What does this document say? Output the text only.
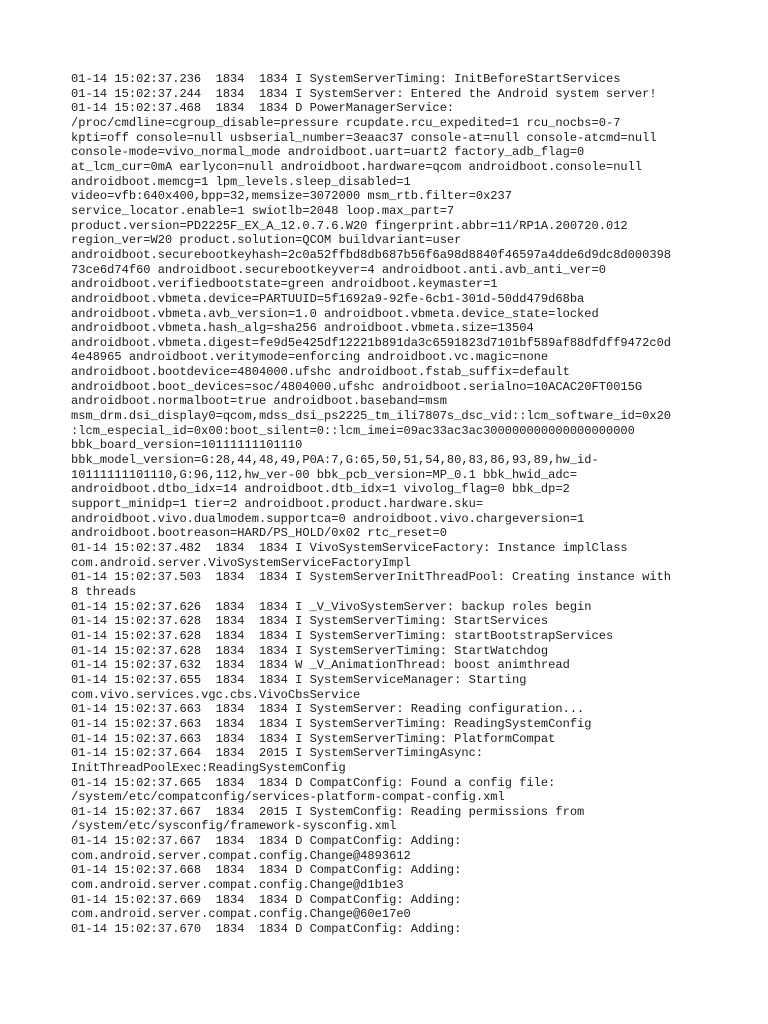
01-14 15:02:37.236  1834  1834 I SystemServerTiming: InitBeforeStartServices
01-14 15:02:37.244  1834  1834 I SystemServer: Entered the Android system server!
01-14 15:02:37.468  1834  1834 D PowerManagerService:
/proc/cmdline=cgroup_disable=pressure rcupdate.rcu_expedited=1 rcu_nocbs=0-7
kpti=off console=null usbserial_number=3eaac37 console-at=null console-atcmd=null
console-mode=vivo_normal_mode androidboot.uart=uart2 factory_adb_flag=0
at_lcm_cur=0mA earlycon=null androidboot.hardware=qcom androidboot.console=null
androidboot.memcg=1 lpm_levels.sleep_disabled=1
video=vfb:640x400,bpp=32,memsize=3072000 msm_rtb.filter=0x237
service_locator.enable=1 swiotlb=2048 loop.max_part=7
product.version=PD2225F_EX_A_12.0.7.6.W20 fingerprint.abbr=11/RP1A.200720.012
region_ver=W20 product.solution=QCOM buildvariant=user
androidboot.securebootkeyhash=2c0a52ffbd8db687b56f6a98d8840f46597a4dde6d9dc8d000398
73ce6d74f60 androidboot.securebootkeyver=4 androidboot.anti.avb_anti_ver=0
androidboot.verifiedbootstate=green androidboot.keymaster=1
androidboot.vbmeta.device=PARTUUID=5f1692a9-92fe-6cb1-301d-50dd479d68ba
androidboot.vbmeta.avb_version=1.0 androidboot.vbmeta.device_state=locked
androidboot.vbmeta.hash_alg=sha256 androidboot.vbmeta.size=13504
androidboot.vbmeta.digest=fe9d5e425df12221b891da3c6591823d7101bf589af88dfdff9472c0d
4e48965 androidboot.veritymode=enforcing androidboot.vc.magic=none
androidboot.bootdevice=4804000.ufshc androidboot.fstab_suffix=default
androidboot.boot_devices=soc/4804000.ufshc androidboot.serialno=10ACAC20FT0015G
androidboot.normalboot=true androidboot.baseband=msm
msm_drm.dsi_display0=qcom,mdss_dsi_ps2225_tm_ili7807s_dsc_vid::lcm_software_id=0x20
:lcm_especial_id=0x00:boot_silent=0::lcm_imei=09ac33ac3ac300000000000000000000
bbk_board_version=10111111101110
bbk_model_version=G:28,44,48,49,P0A:7,G:65,50,51,54,80,83,86,93,89,hw_id-
10111111101110,G:96,112,hw_ver-00 bbk_pcb_version=MP_0.1 bbk_hwid_adc=
androidboot.dtbo_idx=14 androidboot.dtb_idx=1 vivolog_flag=0 bbk_dp=2
support_minidp=1 tier=2 androidboot.product.hardware.sku=
androidboot.vivo.dualmodem.supportca=0 androidboot.vivo.chargeversion=1
androidboot.bootreason=HARD/PS_HOLD/0x02 rtc_reset=0
01-14 15:02:37.482  1834  1834 I VivoSystemServiceFactory: Instance implClass
com.android.server.VivoSystemServiceFactoryImpl
01-14 15:02:37.503  1834  1834 I SystemServerInitThreadPool: Creating instance with
8 threads
01-14 15:02:37.626  1834  1834 I _V_VivoSystemServer: backup roles begin
01-14 15:02:37.628  1834  1834 I SystemServerTiming: StartServices
01-14 15:02:37.628  1834  1834 I SystemServerTiming: startBootstrapServices
01-14 15:02:37.628  1834  1834 I SystemServerTiming: StartWatchdog
01-14 15:02:37.632  1834  1834 W _V_AnimationThread: boost animthread
01-14 15:02:37.655  1834  1834 I SystemServiceManager: Starting
com.vivo.services.vgc.cbs.VivoCbsService
01-14 15:02:37.663  1834  1834 I SystemServer: Reading configuration...
01-14 15:02:37.663  1834  1834 I SystemServerTiming: ReadingSystemConfig
01-14 15:02:37.663  1834  1834 I SystemServerTiming: PlatformCompat
01-14 15:02:37.664  1834  2015 I SystemServerTimingAsync:
InitThreadPoolExec:ReadingSystemConfig
01-14 15:02:37.665  1834  1834 D CompatConfig: Found a config file:
/system/etc/compatconfig/services-platform-compat-config.xml
01-14 15:02:37.667  1834  2015 I SystemConfig: Reading permissions from
/system/etc/sysconfig/framework-sysconfig.xml
01-14 15:02:37.667  1834  1834 D CompatConfig: Adding:
com.android.server.compat.config.Change@4893612
01-14 15:02:37.668  1834  1834 D CompatConfig: Adding:
com.android.server.compat.config.Change@d1b1e3
01-14 15:02:37.669  1834  1834 D CompatConfig: Adding:
com.android.server.compat.config.Change@60e17e0
01-14 15:02:37.670  1834  1834 D CompatConfig: Adding:
